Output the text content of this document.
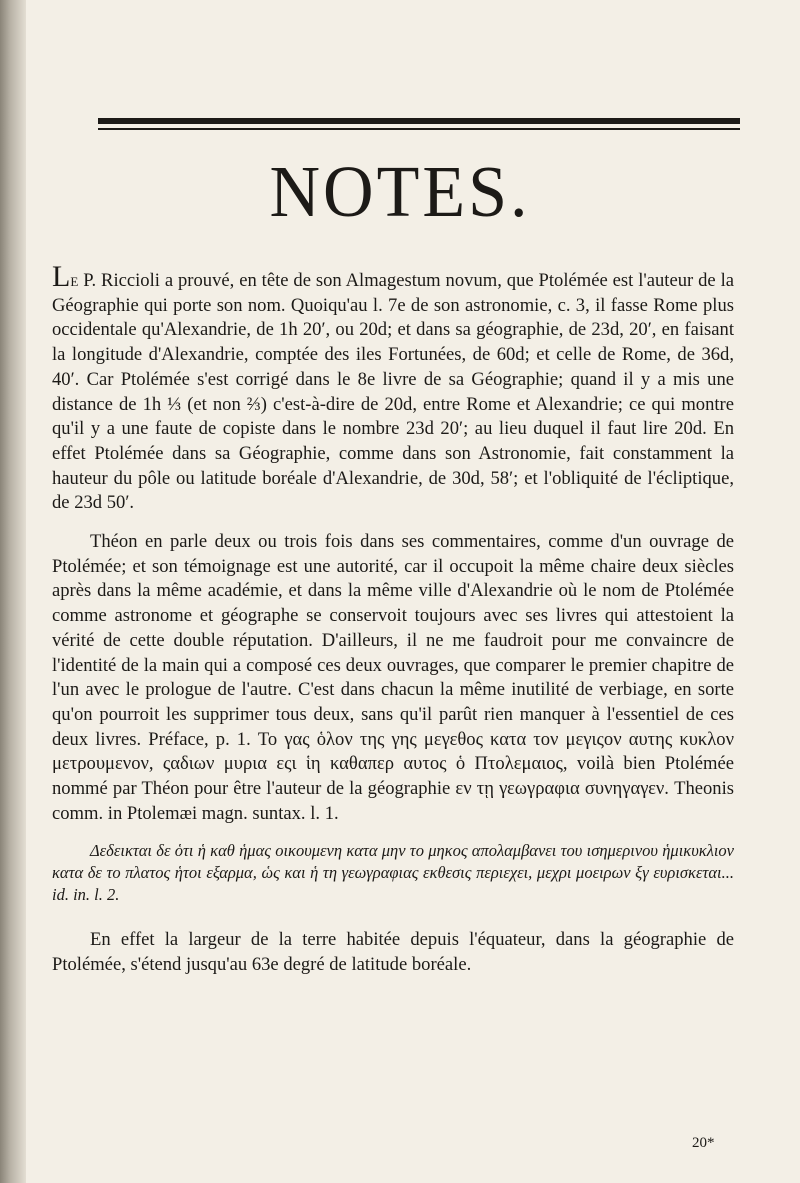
NOTES.

Le P. Riccioli a prouvé, en tête de son Almagestum novum, que Ptolémée est l'auteur de la Géographie qui porte son nom. Quoiqu'au l. 7e de son astronomie, c. 3, il fasse Rome plus occidentale qu'Alexandrie, de 1h 20′, ou 20d; et dans sa géographie, de 23d, 20′, en faisant la longitude d'Alexandrie, comptée des iles Fortunées, de 60d; et celle de Rome, de 36d, 40′. Car Ptolémée s'est corrigé dans le 8e livre de sa Géographie; quand il y a mis une distance de 1h ⅓ (et non ⅔) c'est-à-dire de 20d, entre Rome et Alexandrie; ce qui montre qu'il y a une faute de copiste dans le nombre 23d 20′; au lieu duquel il faut lire 20d. En effet Ptolémée dans sa Géographie, comme dans son Astronomie, fait constamment la hauteur du pôle ou latitude boréale d'Alexandrie, de 30d, 58′; et l'obliquité de l'écliptique, de 23d 50′.

Théon en parle deux ou trois fois dans ses commentaires, comme d'un ouvrage de Ptolémée; et son témoignage est une autorité, car il occupoit la même chaire deux siècles après dans la même académie, et dans la même ville d'Alexandrie où le nom de Ptolémée comme astronome et géographe se conservoit toujours avec ses livres qui attestoient la vérité de cette double réputation. D'ailleurs, il ne me faudroit pour me convaincre de l'identité de la main qui a composé ces deux ouvrages, que comparer le premier chapitre de l'un avec le prologue de l'autre. C'est dans chacun la même inutilité de verbiage, en sorte qu'on pourroit les supprimer tous deux, sans qu'il parût rien manquer à l'essentiel de ces deux livres. Préface, p. 1. Το γας ὁλον της γης μεγεθος κατα τον μεγιςον αυτης κυκλον μετρουμενον, ςαδιων μυρια εςι ἱη καθαπερ αυτος ὁ Πτολεμαιος, voilà bien Ptolémée nommé par Théon pour être l'auteur de la géographie εν τῃ γεωγραφια συνηγαγεν. Theonis comm. in Ptolemæi magn. suntax. l. 1.

Δεδεικται δε ὁτι ἡ καθ ἡμας οικουμενη κατα μην το μηκος απολαμβανει του ισημερινου ἡμικυκλιον κατα δε το πλατος ἡτοι εξαρμα, ὡς και ἡ τη γεωγραφιας εκθεσις περιεχει, μεχρι μοειρων ξγ ευρισκεται... id. in. l. 2.

En effet la largeur de la terre habitée depuis l'équateur, dans la géographie de Ptolémée, s'étend jusqu'au 63e degré de latitude boréale.

20*
